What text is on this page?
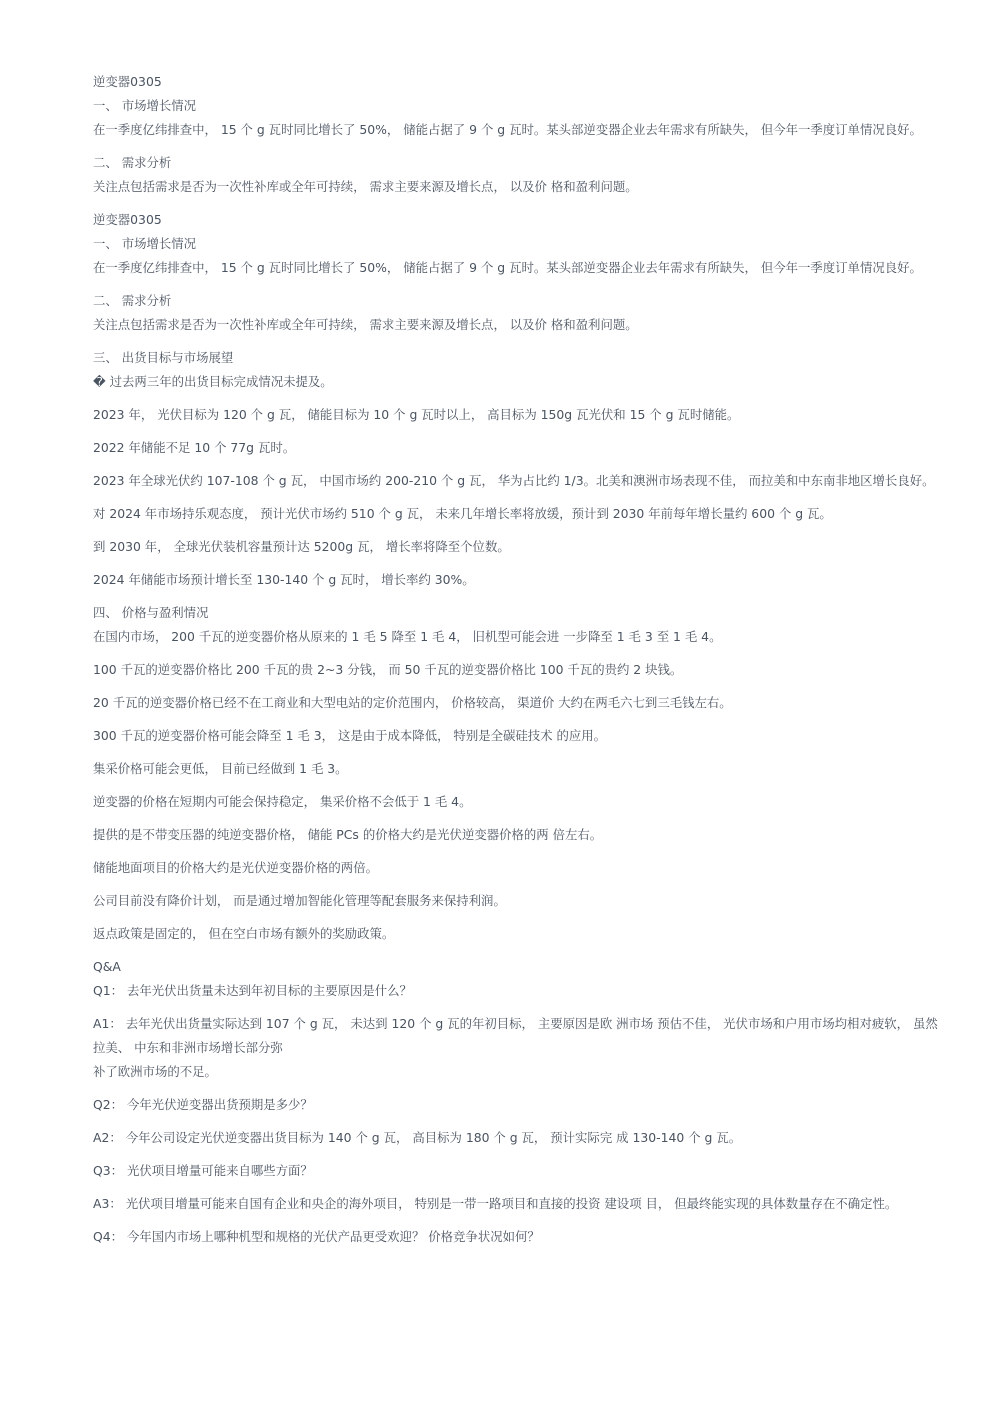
逆变器0305

一、 市场增长情况

在一季度亿纬排查中， 15 个 g 瓦时同比增长了 50%， 储能占据了 9 个 g 瓦时。某头部逆变器企业去年需求有所缺失， 但今年一季度订单情况良好。

二、 需求分析

关注点包括需求是否为一次性补库或全年可持续， 需求主要来源及增长点， 以及价 格和盈利问题。

逆变器0305

一、 市场增长情况

在一季度亿纬排查中， 15 个 g 瓦时同比增长了 50%， 储能占据了 9 个 g 瓦时。某头部逆变器企业去年需求有所缺失， 但今年一季度订单情况良好。

二、 需求分析

关注点包括需求是否为一次性补库或全年可持续， 需求主要来源及增长点， 以及价 格和盈利问题。

三、 出货目标与市场展望

� 过去两三年的出货目标完成情况未提及。

2023 年， 光伏目标为 120 个 g 瓦， 储能目标为 10 个 g 瓦时以上， 高目标为 150g 瓦光伏和 15 个 g 瓦时储能。

2022 年储能不足 10 个 77g 瓦时。

2023 年全球光伏约 107-108 个 g 瓦， 中国市场约 200-210 个 g 瓦， 华为占比约 1/3。北美和澳洲市场表现不佳， 而拉美和中东南非地区增长良好。

对 2024 年市场持乐观态度， 预计光伏市场约 510 个 g 瓦， 未来几年增长率将放缓，预计到 2030 年前每年增长量约 600 个 g 瓦。

到 2030 年， 全球光伏装机容量预计达 5200g 瓦， 增长率将降至个位数。

2024 年储能市场预计增长至 130-140 个 g 瓦时， 增长率约 30%。

四、 价格与盈利情况

在国内市场， 200 千瓦的逆变器价格从原来的 1 毛 5 降至 1 毛 4， 旧机型可能会进 一步降至 1 毛 3 至 1 毛 4。

100 千瓦的逆变器价格比 200 千瓦的贵 2~3 分钱， 而 50 千瓦的逆变器价格比 100 千瓦的贵约 2 块钱。

20 千瓦的逆变器价格已经不在工商业和大型电站的定价范围内， 价格较高， 渠道价 大约在两毛六七到三毛钱左右。

300 千瓦的逆变器价格可能会降至 1 毛 3， 这是由于成本降低， 特别是全碳硅技术 的应用。

集采价格可能会更低， 目前已经做到 1 毛 3。

逆变器的价格在短期内可能会保持稳定， 集采价格不会低于 1 毛 4。

提供的是不带变压器的纯逆变器价格， 储能 PCs 的价格大约是光伏逆变器价格的两 倍左右。

储能地面项目的价格大约是光伏逆变器价格的两倍。

公司目前没有降价计划， 而是通过增加智能化管理等配套服务来保持利润。

返点政策是固定的， 但在空白市场有额外的奖励政策。

Q&A

Q1： 去年光伏出货量未达到年初目标的主要原因是什么？

A1： 去年光伏出货量实际达到 107 个 g 瓦， 未达到 120 个 g 瓦的年初目标， 主要原因是欧 洲市场 预估不佳， 光伏市场和户用市场均相对疲软， 虽然拉美、 中东和非洲市场增长部分弥

补了欧洲市场的不足。

Q2： 今年光伏逆变器出货预期是多少？

A2： 今年公司设定光伏逆变器出货目标为 140 个 g 瓦， 高目标为 180 个 g 瓦， 预计实际完 成 130-140 个 g 瓦。

Q3： 光伏项目增量可能来自哪些方面？

A3： 光伏项目增量可能来自国有企业和央企的海外项目， 特别是一带一路项目和直接的投资 建设项 目， 但最终能实现的具体数量存在不确定性。

Q4： 今年国内市场上哪种机型和规格的光伏产品更受欢迎？ 价格竞争状况如何？
